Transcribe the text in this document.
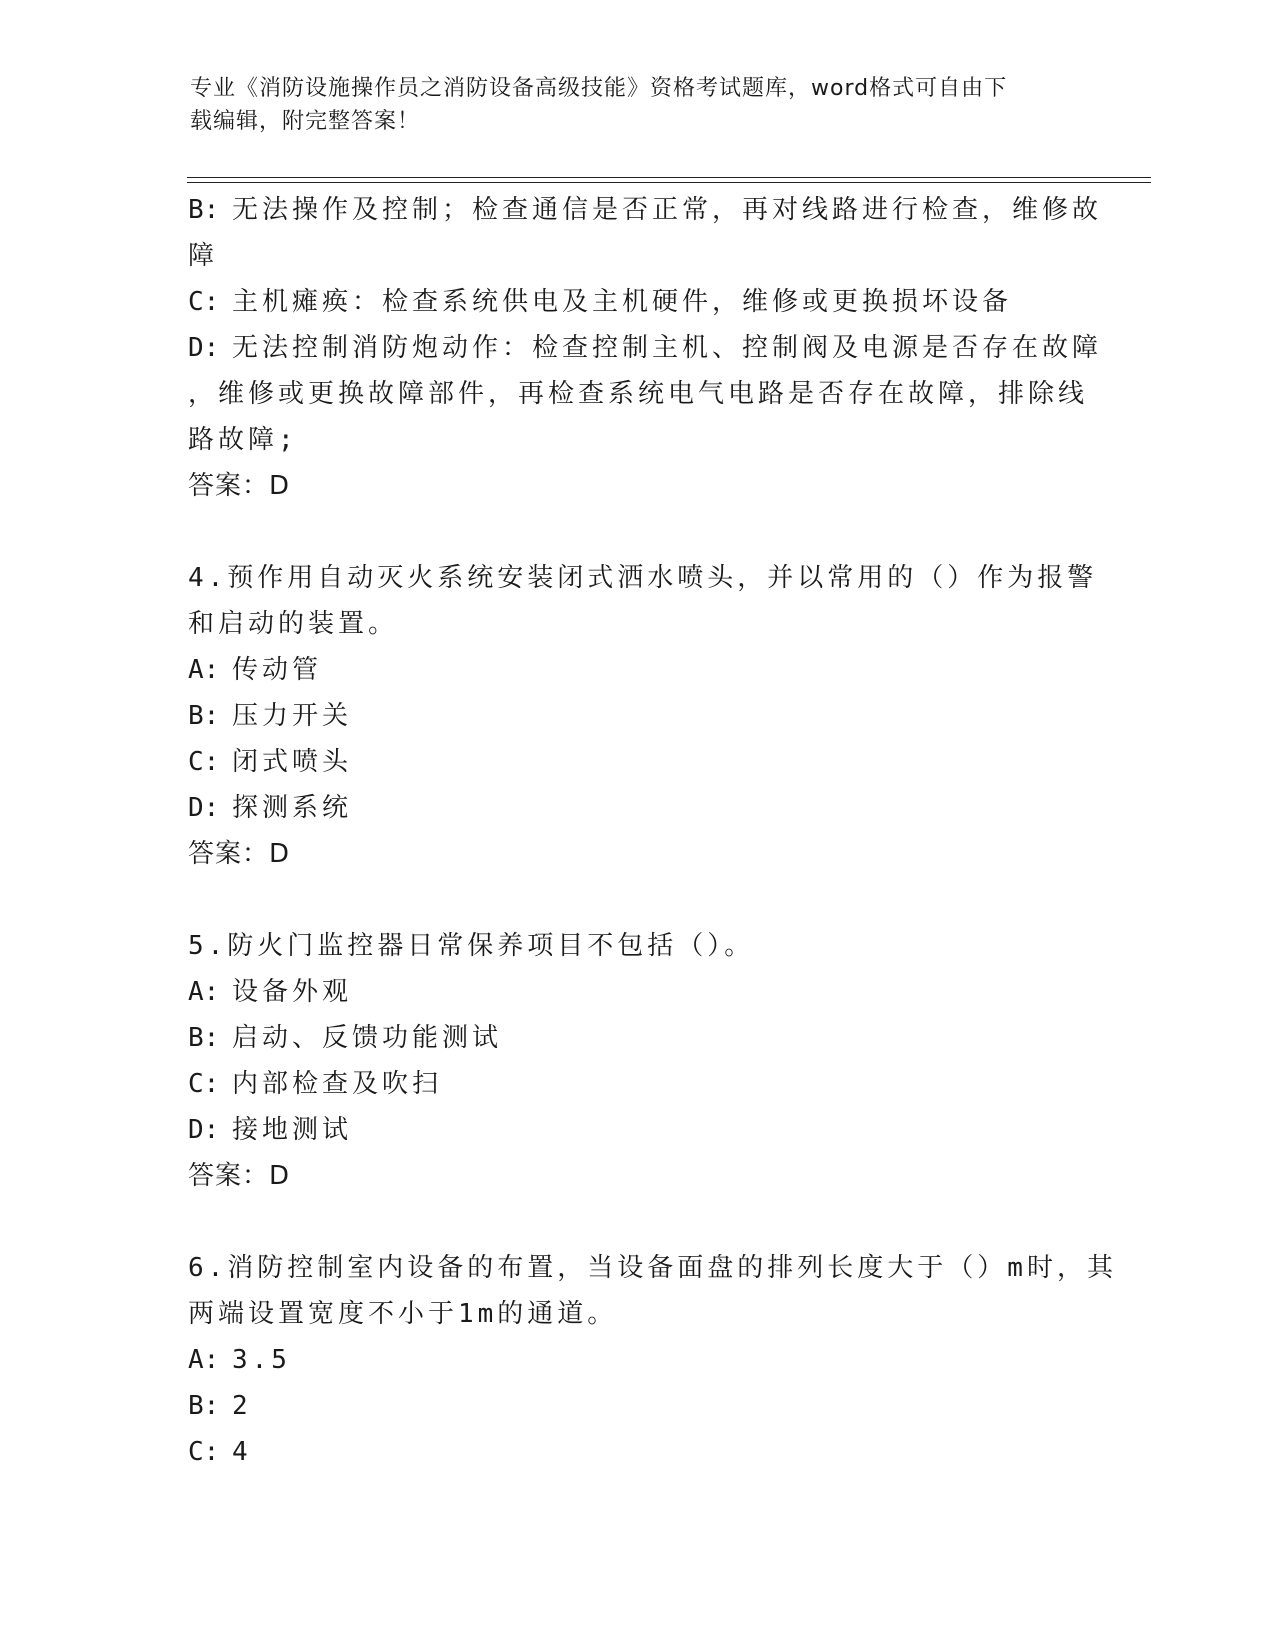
专业《消防设施操作员之消防设备高级技能》资格考试题库，word格式可自由下
载编辑，附完整答案！
B: 无法操作及控制；检查通信是否正常，再对线路进行检查，维修故
障
C: 主机瘫痪：检查系统供电及主机硬件，维修或更换损坏设备
D: 无法控制消防炮动作：检查控制主机、控制阀及电源是否存在故障
，维修或更换故障部件，再检查系统电气电路是否存在故障，排除线
路故障;
答案：D
4.预作用自动灭火系统安装闭式洒水喷头，并以常用的（）作为报警
和启动的装置。
A: 传动管
B: 压力开关
C: 闭式喷头
D: 探测系统
答案：D
5.防火门监控器日常保养项目不包括（）。
A: 设备外观
B: 启动、反馈功能测试
C: 内部检查及吹扫
D: 接地测试
答案：D
6.消防控制室内设备的布置，当设备面盘的排列长度大于（）m时，其
两端设置宽度不小于1m的通道。
A: 3.5
B: 2
C: 4
